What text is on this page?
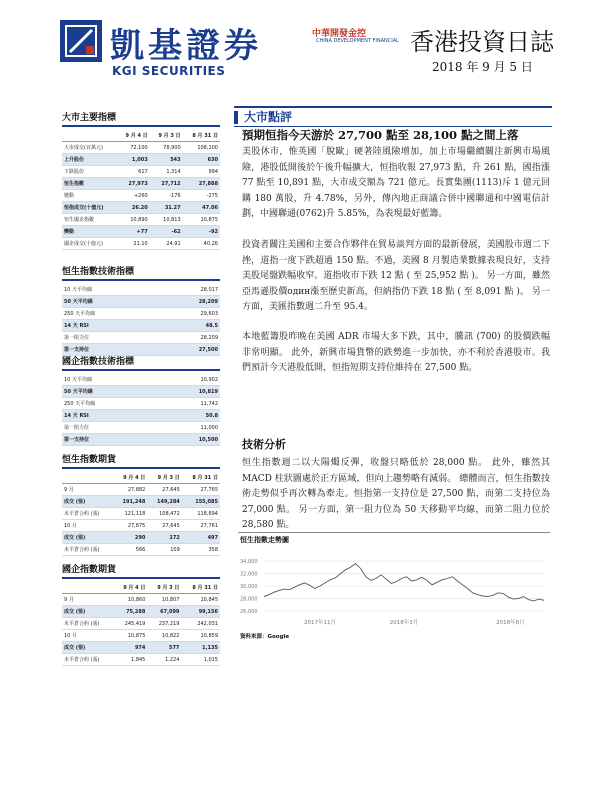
凱基證券
KGI SECURITIES
中華開發金控
CHINA DEVELOPMENT FINANCIAL 香港投資日誌
2018 年 9 月 5 日
大市主要指標
	9 月 4 日	9 月 3 日	8 月 31 日
大市成交(百萬元)	72,100	78,900	108,100
上升股份	1,003	543	630
下跌股份	617	1,314	994
恒生指數	27,973	27,712	27,888
變動	+260	-176	-275
恒指成交(十億元)	26.20	31.27	47.06
恒生國企指數	10,890	10,813	10,875
變動	+77	-62	-92
國企成交(十億元)	21.10	24.91	40.26
恒生指數技術指標
10 天平均線	28,017
50 天平均線	28,209
250 天平均線	29,603
14 天 RSI	48.5
第一阻力位	28,209
第一支持位	27,500
國企指數技術指標
10 天平均線	10,902
50 天平均線	10,819
250 天平均線	11,742
14 天 RSI	50.8
第一阻力位	11,000
第一支持位	10,500
恒生指數期貨
	9 月 4 日	9 月 3 日	8 月 31 日
9 月	27,882	27,645	27,765
成交 (張)	191,248	149,284	155,085
未平倉合約 (張)	121,118	108,472	118,694
10 月	27,875	27,645	27,761
成交 (張)	290	172	497
未平倉合約 (張)	566	109	358
國企指數期貨
	9 月 4 日	9 月 3 日	8 月 31 日
9 月	10,860	10,807	10,845
成交 (張)	75,288	67,099	99,156
未平倉合約 (張)	245,419	237,219	242,031
10 月	10,875	10,822	10,859
成交 (張)	974	577	1,135
未平倉合約 (張)	1,845	1,224	1,015
大市點評
預期恒指今天游於 27,700 點至 28,100 點之間上落

美股休市，惟英國「脫歐」硬著陸風險增加，加上市場繼續關注新興市場風險，港股低開後於午後升幅擴大，恒指收報 27,973 點，升 261 點，國指漲 77 點至 10,891 點，大市成交額為 721 億元。長實集團(1113)斥 1 億元回購 180 萬股，升 4.78%，另外，傳內地正商議合併中國聯通和中國電信計劃，中國聯通(0762)升 5.85%，為表現最好藍籌。

投資者關注美國和主要合作夥伴在貿易談判方面的最新發展，美國股市週二下挫，道指一度下跌超過 150 點。不過，美國 8 月製造業數據表現良好，支持美股尾盤跌幅收窄。道指收市下跌 12 點 ( 至 25,952 點 )。 另一方面，雖然亞馬遜股價один漲至歷史新高，但納指仍下跌 18 點 ( 至 8,091 點 )。 另一方面，美匯指數週二升至 95.4。

本地藍籌股昨晚在美國 ADR 市場大多下跌，其中，騰訊 (700) 的股價跌幅非常明顯。 此外，新興市場貨幣的跌勢進一步加快，亦不利於香港股市。我們預計今天港股低開，恒指短期支持位維持在 27,500 點。

技術分析

恒生指數週二以大陽燭反彈，收盤只略低於 28,000 點。 此外，雖然其 MACD 柱狀圖處於正方區域，但向上趨勢略有減弱。 總體而言，恒生指數技術走勢似乎再次轉為牽走。恒指第一支持位是 27,500 點，而第二支持位為 27,000 點。 另一方面，第一阻力位為 50 天移動平均線，而第二阻力位於 28,580 點。

恒生指數走勢圖
34,000
32,000
30,000
28,000
26,000
2017年11月	2018年3月	2018年8月
資料來源：Google
